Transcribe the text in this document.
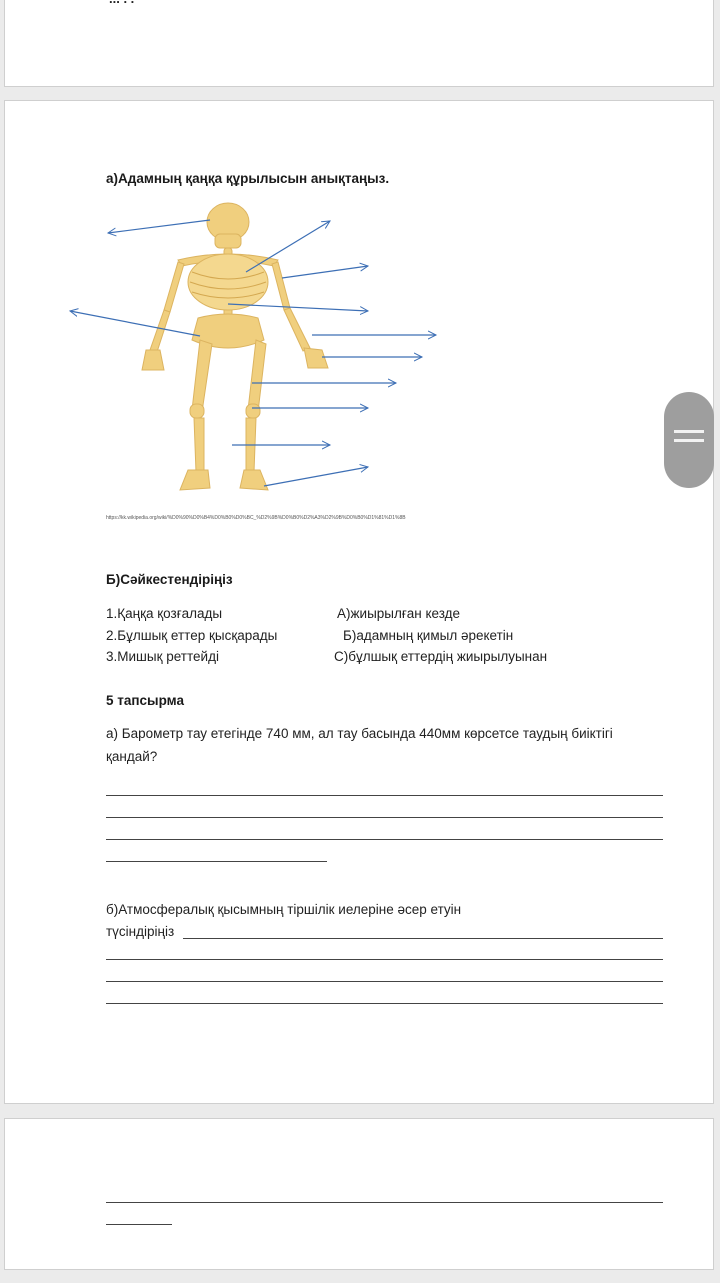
а)Адамның қаңқа құрылысын анықтаңыз.
https://kk.wikipedia.org/wiki/%D0%90%D0%B4%D0%B0%D0%BC_%D2%9B%D0%B0%D2%A3%D2%9B%D0%B0%D1%81%D1%8B
Б)Сәйкестендіріңіз
1.Қаңқа қозғалады	А)жиырылған кезде
2.Бұлшық еттер қысқарады	Б)адамның қимыл әрекетін
3.Мишық реттейді	С)бұлшық еттердің жиырылуынан
5 тапсырма
а) Барометр тау етегінде 740 мм, ал тау басында 440мм көрсетсе таудың биіктігі
қандай?
б)Атмосфералық қысымның тіршілік иелеріне әсер етуін
түсіндіріңіз
